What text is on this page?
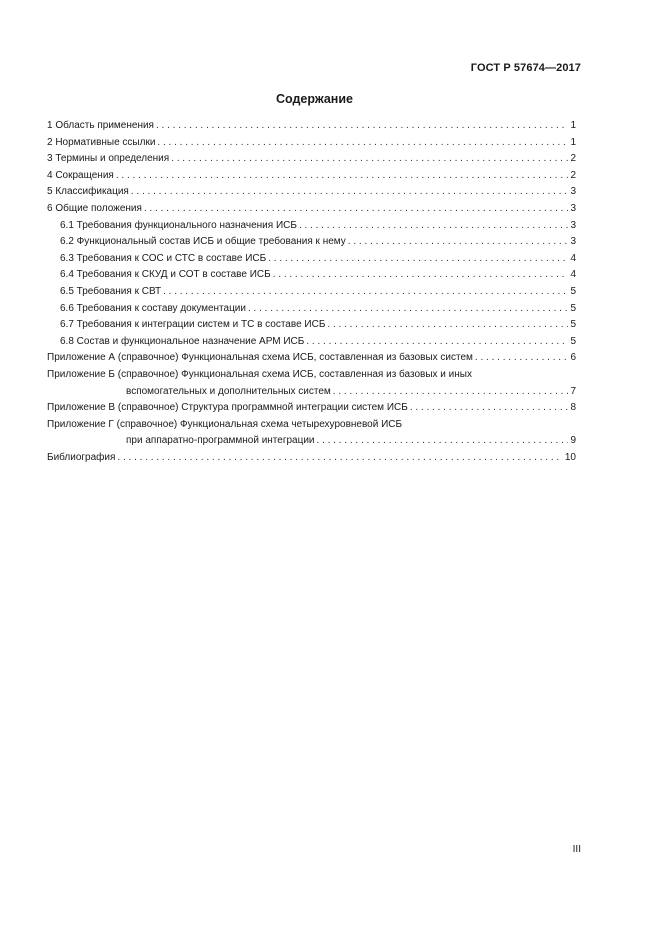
ГОСТ Р 57674—2017
Содержание
1 Область применения . . .	1
2 Нормативные ссылки . . .	1
3 Термины и определения . . .	2
4 Сокращения . . .	2
5 Классификация . . .	3
6 Общие положения . . .	3
6.1 Требования функционального назначения ИСБ . . .	3
6.2 Функциональный состав ИСБ и общие требования к нему . . .	3
6.3 Требования к СОС и СТС в составе ИСБ . . .	4
6.4 Требования к СКУД и СОТ в составе ИСБ . . .	4
6.5 Требования к СВТ . . .	5
6.6 Требования к составу документации . . .	5
6.7 Требования к интеграции систем и ТС в составе ИСБ . . .	5
6.8 Состав и функциональное назначение АРМ ИСБ . . .	5
Приложение А (справочное) Функциональная схема ИСБ, составленная из базовых систем . . .	6
Приложение Б (справочное) Функциональная схема ИСБ, составленная из базовых и иных
вспомогательных и дополнительных систем . . .	7
Приложение В (справочное) Структура программной интеграции систем ИСБ . . .	8
Приложение Г (справочное) Функциональная схема четырехуровневой ИСБ
при аппаратно-программной интеграции . . .	9
Библиография . . .	10
III
